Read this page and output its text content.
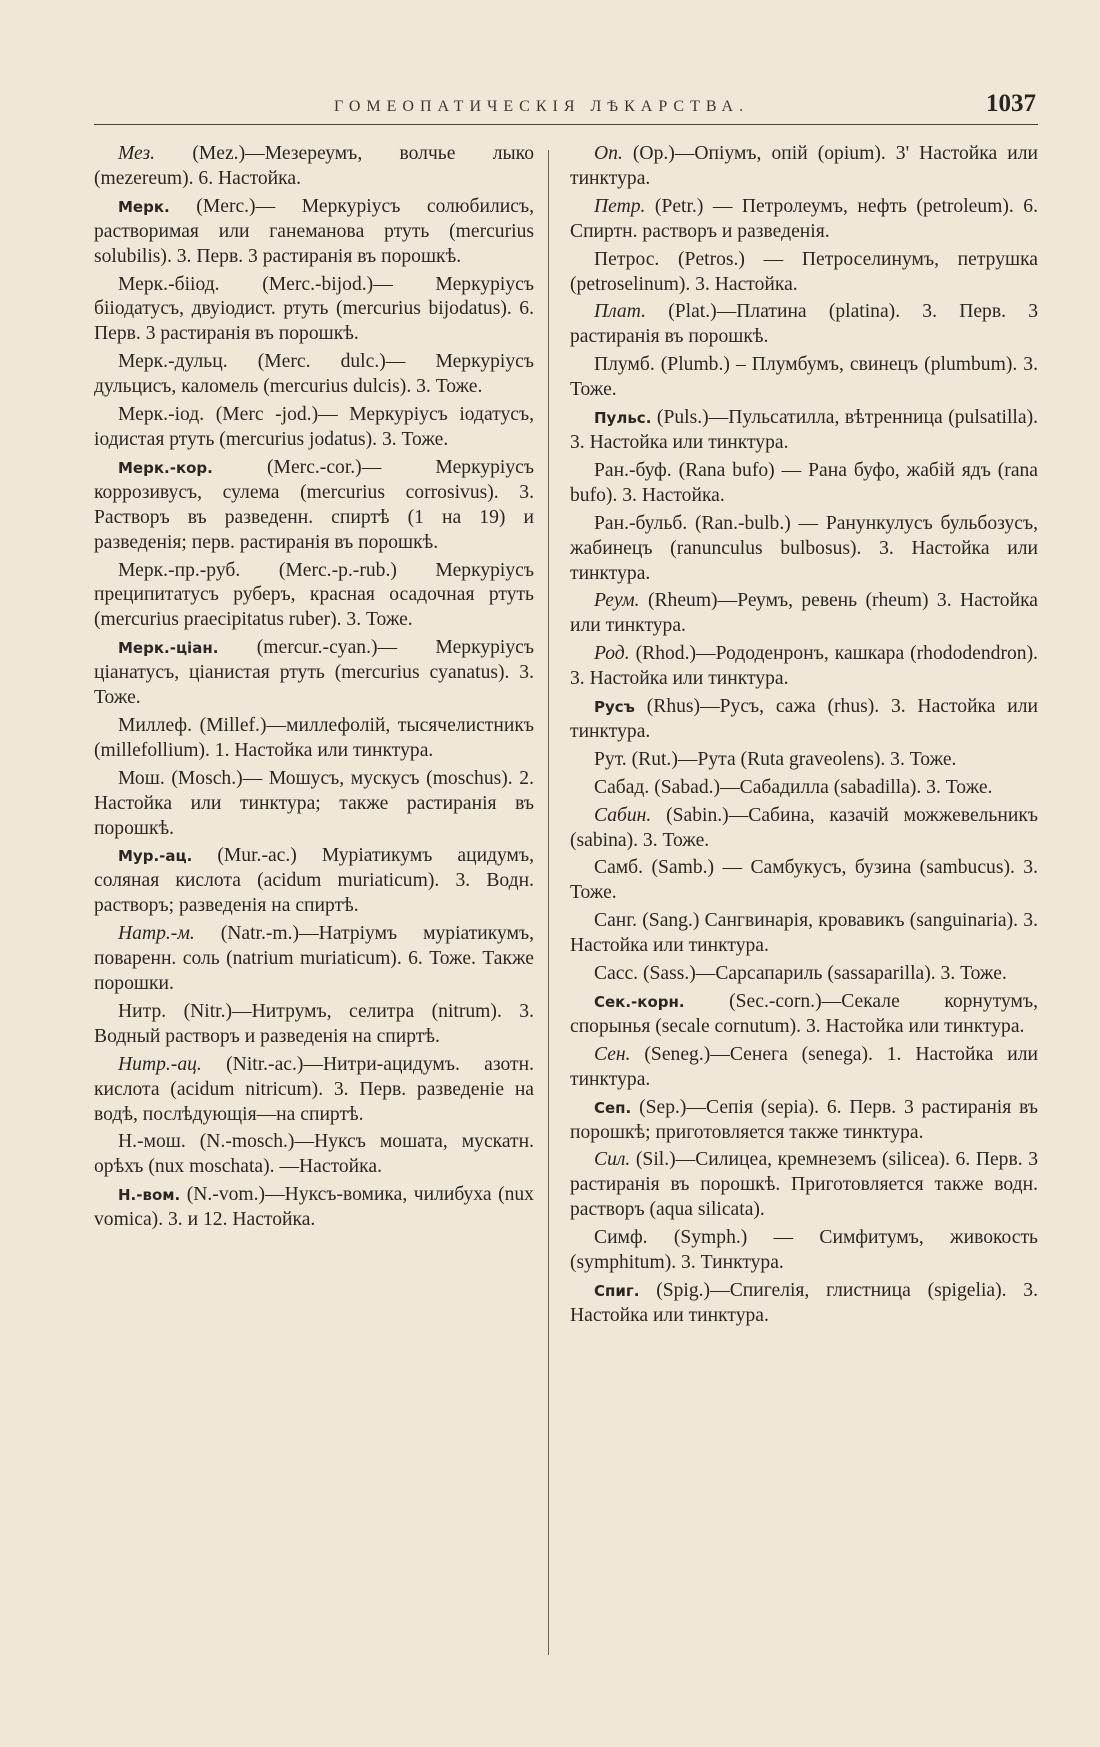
ГОМЕОПАТИЧЕСКІЯ ЛѢКАРСТВА.	1037

Мез. (Mez.)—Мезереумъ, волчье лыко (mezereum). 6. Настойка.

Мерк. (Merc.)— Меркуріусъ солюбилисъ, растворимая или ганемановa ртуть (mercurius solubilis). 3. Перв. 3 растиранія въ порошкѣ.

Мерк.-біiод. (Merc.-bijod.)— Меркуріусъ біiодатусъ, двуіодист. ртуть (mercurius bijodatus). 6. Перв. 3 растиранія въ порошкѣ.

Мерк.-дульц. (Merc. dulc.)— Меркуріусъ дульцисъ, каломель (mercurius dulcis). 3. Тоже.

Мерк.-іод. (Merc -jod.)— Меркуріусъ іодатусъ, іодистая ртуть (mercurius jodatus). 3. Тоже.

Мерк.-кор.	(Merc.-cor.)— Меркуріусъ коррозивусъ, сулема (mercurius corrosivus). 3. Растворъ въ разведенн. спиртѣ (1 на 19) и разведенія; перв. растиранія въ порошкѣ.

Мерк.-пр.-руб. (Merc.-p.-rub.) Меркуріусъ преципитатусъ руберъ, красная осадочная ртуть (mercurius praecipitatus ruber). 3. Тоже.

Мерк.-ціан. (mercur.-cyan.)— Меркуріусъ ціанатусъ, ціанистая ртуть (mercurius cyanatus). 3. Тоже.

Миллеф. (Millef.)—миллефолій, тысячелистникъ (millefollium). 1. Настойка или тинктура.

Мош. (Mosch.)— Мошусъ, мускусъ (moschus). 2. Настойка или тинктура; также растиранія въ порошкѣ.

Мур.-ац. (Mur.-ac.) Муріатикумъ ацидумъ, соляная кислота (acidum muriaticum). 3. Водн. растворъ; разведенія на спиртѣ.

Натр.-м. (Natr.-m.)—Натріумъ муріатикумъ, поваренн. соль (natrium muriaticum). 6. Тоже. Также порошки.

Нитр. (Nitr.)—Нитрумъ, селитра (nitrum). 3. Водный растворъ и разведенія на спиртѣ.

Нитр.-ац. (Nitr.-ac.)—Нитри-ацидумъ. азотн. кислота (acidum nitricum). 3. Перв. разведеніе на водѣ, послѣдующія—на спиртѣ.

Н.-мош. (N.-mosch.)—Нуксъ мошата, мускатн. орѣхъ (nux moschata). —Настойка.

Н.-вом. (N.-vom.)—Нуксъ-вомика, чилибуха (nux vomica). 3. и 12. Настойка.

Оп. (Op.)—Опіумъ, опій (opium). 3' Настойка или тинктура.

Петр. (Petr.) — Петролеумъ, нефть (petroleum). 6. Спиртн. растворъ и разведенія.

Петрос. (Petros.) — Петроселинумъ, петрушка (petroselinum). 3. Настойка.

Плат. (Plat.)—Платина (platina). 3. Перв. 3 растиранія въ порошкѣ.

Плумб. (Plumb.) – Плумбумъ, свинецъ (plumbum). 3. Тоже.

Пульс. (Puls.)—Пульсатилла, вѣтренница (pulsatilla). 3. Настойка или тинктура.

Ран.-буф. (Rana bufo) — Рана буфо, жабій ядъ (rana bufo). 3. Настойка.

Ран.-бульб. (Ran.-bulb.) — Ранункулусъ бульбозусъ, жабинецъ (ranunculus bulbosus). 3. Настойка или тинктура.

Реум. (Rheum)—Реумъ, ревень (rheum) 3. Настойка или тинктура.

Род. (Rhod.)—Рододенронъ, кашкара (rhododendron). 3. Настойка или тинктура.

Русъ (Rhus)—Русъ, сажа (rhus). 3. Настойка или тинктура.

Рут. (Rut.)—Рута (Ruta graveolens). 3. Тоже.

Сабад. (Sabad.)—Сабадилла (sabadilla). 3. Тоже.

Сабин. (Sabin.)—Сабина, казачій можжевельникъ (sabina). 3. Тоже.

Самб. (Samb.) — Самбукусъ, бузина (sambucus). 3. Тоже.

Санг. (Sang.) Сангвинарія, кровавикъ (sanguinaria). 3. Настойка или тинктура.

Сасс. (Sass.)—Сарсапариль (sassaparilla). 3. Тоже.

Сек.-корн. (Sec.-corn.)—Секале корнутумъ, спорынья (secale cornutum). 3. Настойка или тинктура.

Сен. (Seneg.)—Сенега (senega). 1. Настойка или тинктура.

Сеп. (Sep.)—Сепія (sepia). 6. Перв. 3 растиранія въ порошкѣ; приготовляется также тинктура.

Сил. (Sil.)—Силицеа, кремнеземъ (silicea). 6. Перв. 3 растиранія въ порошкѣ. Приготовляется также водн. растворъ (aqua silicata).

Симф. (Symph.) — Симфитумъ, живокость (symphitum). 3. Тинктура.

Спиг. (Spig.)—Спигелія, глистница (spigelia). 3. Настойка или тинктура.
